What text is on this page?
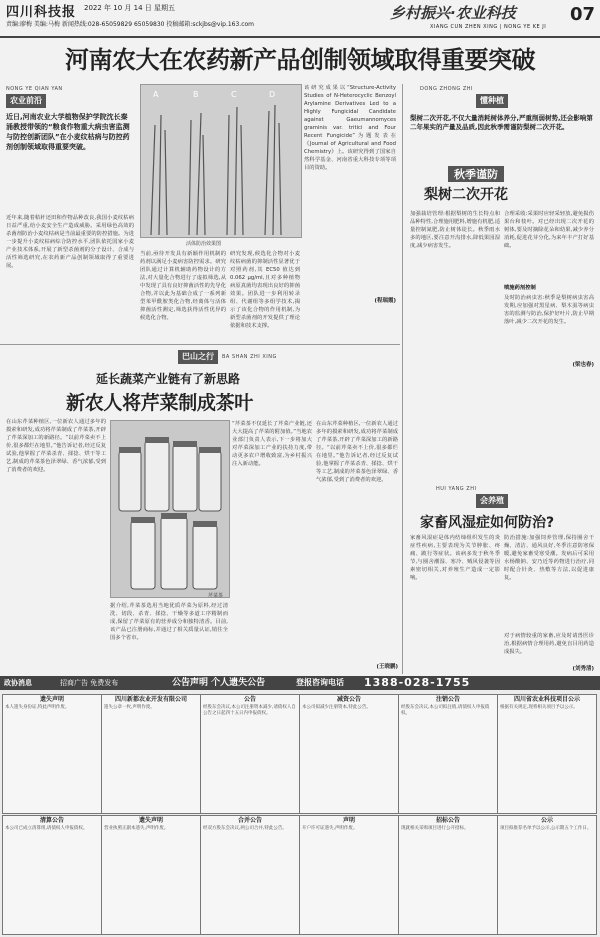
四川科技报 2022 年 10 月 14 日 星期五
责编:廖梅 美编:马梅 新闻热线:028-65059829 65059830 投稿邮箱:sckjbs@vip.163.com
乡村振兴·农业科技
XIANG CUN ZHEN XING | NONG YE KE JI
07
河南农大在农药新产品创制领域取得重要突破
NONG YE QIAN YAN
农业前沿
近日,河南农业大学植物保护学院沈长秦涌教授带领的“粮食作物重大病虫害监测与防控创新团队”在小麦纹枯病与防控药剂创制领域取得重要突破。
A	B	C	D
活体防治效果图
近年来,随着秸秆还田和作物品种改良,我国小麦纹枯病日益严重,给小麦安全生产造成威胁。采用绿色高效的杀菌剂防治小麦纹枯病是当前最重要的防控措施。为进一步提升小麦纹枯病综合防控水平,团队依托国家小麦产业技术体系,开展了新型杀菌剂的分子设计、合成与活性筛选研究,在农药新产品创制领域取得了重要进展。
当前,亟待开发具有新颖作用机制的药剂以满足小麦病害防控需求。研究团队通过计算机辅助药物设计的方法,对大量化合物进行了虚拟筛选,从中发现了具有良好抑菌活性的先导化合物,并以此为基础合成了一系列新型苯甲酰胺类化合物,经离体与活体抑菌活性测定,筛选获得活性优异的候选化合物。
研究发现,候选化合物对小麦纹枯病菌的抑制活性显著优于对照药剂,其 EC50 值达到 0.062 μg/ml,且对多种植物病原真菌均表现出良好的抑菌效果。团队进一步利用转录组、代谢组等多组学技术,揭示了该化合物的作用机制,为新型杀菌剂的开发提供了理论依据和技术支撑。
该研究成果以“Structure-Activity Studies of N-Heterocyclic Benzoyl Arylamine Derivatives Led to a Highly Fungicidal Candidate against Gaeumannomyces graminis var. tritici and Four Recent Fungicide”为题发表在《Journal of Agricultural and Food Chemistry》上。该研究得到了国家自然科学基金、河南省重大科技专项等项目的资助。
(程瑞霞)
DONG ZHONG ZHI
懂种植
梨树二次开花,不仅大量消耗树体养分,严重削弱树势,还会影响第二年果实的产量及品质,因此秋季需谨防梨树二次开花。
秋季谨防
梨树二次开花
加强栽培管理:根据梨树的生长特点和品种特性,合理施用肥料,增施有机肥,适量控制氮肥,防止树体徒长。秋季雨水多的地区,要注意开沟排水,降低果园湿度,减少病害发生。
合理采收:采果时应轻采轻放,避免损伤果台和枝叶。对已经出现二次开花的树体,要及时摘除花朵和幼果,减少养分消耗,促进花芽分化,为来年丰产打好基础。
喷施药剂控制
及时防治病虫害:秋季是梨树病虫害高发期,应加强对黑星病、梨木虱等病虫害的监测与防治,保护好叶片,防止早期落叶,减少二次开花的发生。
(梁也春)
巴山之行	BA SHAN ZHI XING
延长蔬菜产业链有了新思路
新农人将芹菜制成茶叶
在山东芹菜种植区,一位新农人通过多年的摸索和研发,成功将芹菜制成了芹菜茶,开辟了芹菜深加工的新路径。“以前芹菜卖不上价,很多都烂在地里。”他告诉记者,经过反复试验,他掌握了芹菜杀青、揉捻、烘干等工艺,制成的芹菜茶色泽翠绿、香气浓郁,受到了消费者的欢迎。
芹菜茶
据介绍,芹菜茶选用当地优质芹菜为原料,经过清洗、切段、杀青、揉捻、干燥等多道工序精制而成,保留了芹菜原有的营养成分和独特清香。目前,该产品已注册商标,并通过了相关质量认证,销往全国多个省市。
“芹菜茶不仅延长了芹菜产业链,还大大提高了芹菜的附加值。”当地农业部门负责人表示,下一步将加大对芹菜深加工产业的扶持力度,带动更多农户增收致富,为乡村振兴注入新动能。
在山东芹菜种植区,一位新农人通过多年的摸索和研发,成功将芹菜制成了芹菜茶,开辟了芹菜深加工的新路径。“以前芹菜卖不上价,很多都烂在地里。”他告诉记者,经过反复试验,他掌握了芹菜杀青、揉捻、烘干等工艺,制成的芹菜茶色泽翠绿、香气浓郁,受到了消费者的欢迎。
(王晓鹏)
HUI YANG ZHI
会养殖
家畜风湿症如何防治?
家畜风湿症是体内结缔组织发生的炎症性疾病,主要表现为关节肿胀、疼痛、跛行等症状。该病多发于秋冬季节,与圈舍潮湿、寒冷、贼风侵袭等因素密切相关,对养殖生产造成一定影响。
防治措施:加强饲养管理,保持圈舍干燥、清洁、通风良好,冬季注意防寒保暖,避免家畜受寒受潮。发病后可采用水杨酸钠、安乃近等药物进行治疗,同时配合针灸、热敷等方法,以促进康复。
对于病情较重的家畜,应及时请兽医诊治,根据病情合理用药,避免盲目用药造成损失。
(刘秀清)
政协消息	招商广告 免费发布	公告声明 个人遗失公告	登报咨询电话 1388-028-1755
遗失声明
本人遗失身份证,特此声明作废。
四川新都农业开发有限公司
遗失公章一枚,声明作废。
公告
经股东会决议,本公司注册资本减少,请债权人自公告之日起四十五日内申报债权。
减资公告
本公司拟减少注册资本,特此公告。
注销公告
经股东会决议,本公司拟注销,请债权人申报债权。
四川省农业科技项目公示
根据有关规定,现将相关项目予以公示。
清算公告
本公司已成立清算组,请债权人申报债权。
遗失声明
营业执照正副本遗失,声明作废。
合并公告
经双方股东会决议,两公司合并,特此公告。
声明
开户许可证遗失,声明作废。
招标公告
现就相关采购项目进行公开招标。
公示
项目拟推荐名单予以公示,公示期五个工作日。
